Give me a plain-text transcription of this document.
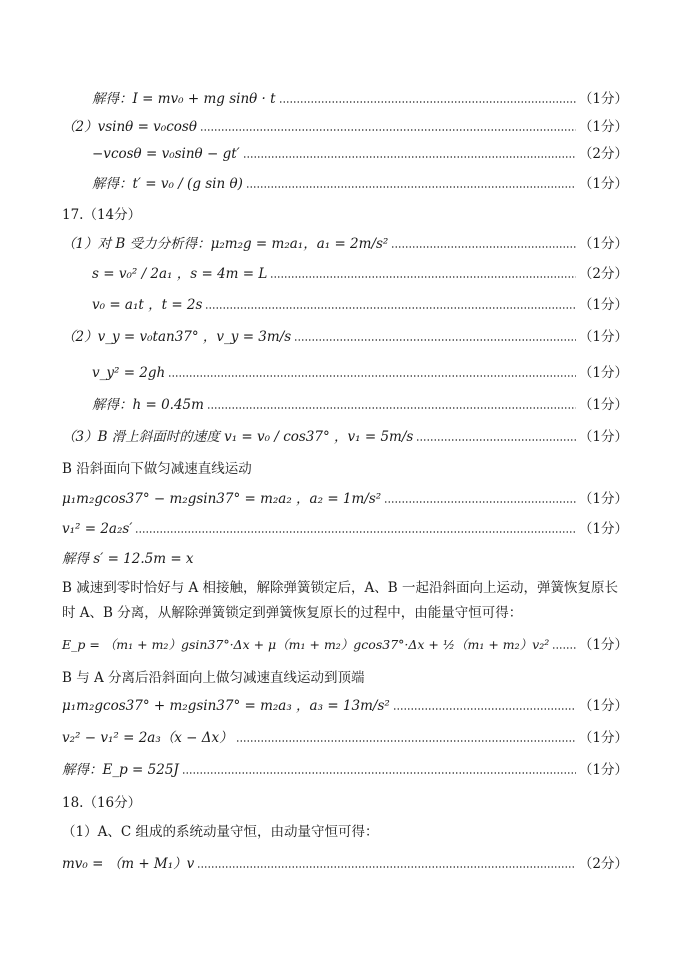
解得：I = mv₀ + mg sinθ · t	（1分）
（2）vsinθ = v₀cosθ	（1分）
−vcosθ = v₀sinθ − gt′	（2分）
解得：t′ = v₀ / (g sin θ)	（1分）
17.（14分）
（1）对 B 受力分析得：μ₂m₂g = m₂a₁，a₁ = 2m/s²	（1分）
s = v₀² / 2a₁ ，s = 4m = L	（2分）
v₀ = a₁t ，t = 2s	（1分）
（2）v_y = v₀tan37° ，v_y = 3m/s	（1分）
v_y² = 2gh	（1分）
解得：h = 0.45m	（1分）
（3）B 滑上斜面时的速度 v₁ = v₀ / cos37° ，v₁ = 5m/s	（1分）
B 沿斜面向下做匀减速直线运动
μ₁m₂gcos37° − m₂gsin37° = m₂a₂ ，a₂ = 1m/s²	（1分）
v₁² = 2a₂s′	（1分）
解得 s′ = 12.5m = x
B 减速到零时恰好与 A 相接触，解除弹簧锁定后，A、B 一起沿斜面向上运动，弹簧恢复原长
时 A、B 分离，从解除弹簧锁定到弹簧恢复原长的过程中，由能量守恒可得：
E_p = （m₁ + m₂）gsin37°·Δx + μ（m₁ + m₂）gcos37°·Δx + ½（m₁ + m₂）v₂² （1分）
B 与 A 分离后沿斜面向上做匀减速直线运动到顶端
μ₁m₂gcos37° + m₂gsin37° = m₂a₃ ，a₃ = 13m/s²	（1分）
v₂² − v₁² = 2a₃（x − Δx）	（1分）
解得：E_p = 525J	（1分）
18.（16分）
（1）A、C 组成的系统动量守恒，由动量守恒可得：
mv₀ = （m + M₁）v	（2分）
